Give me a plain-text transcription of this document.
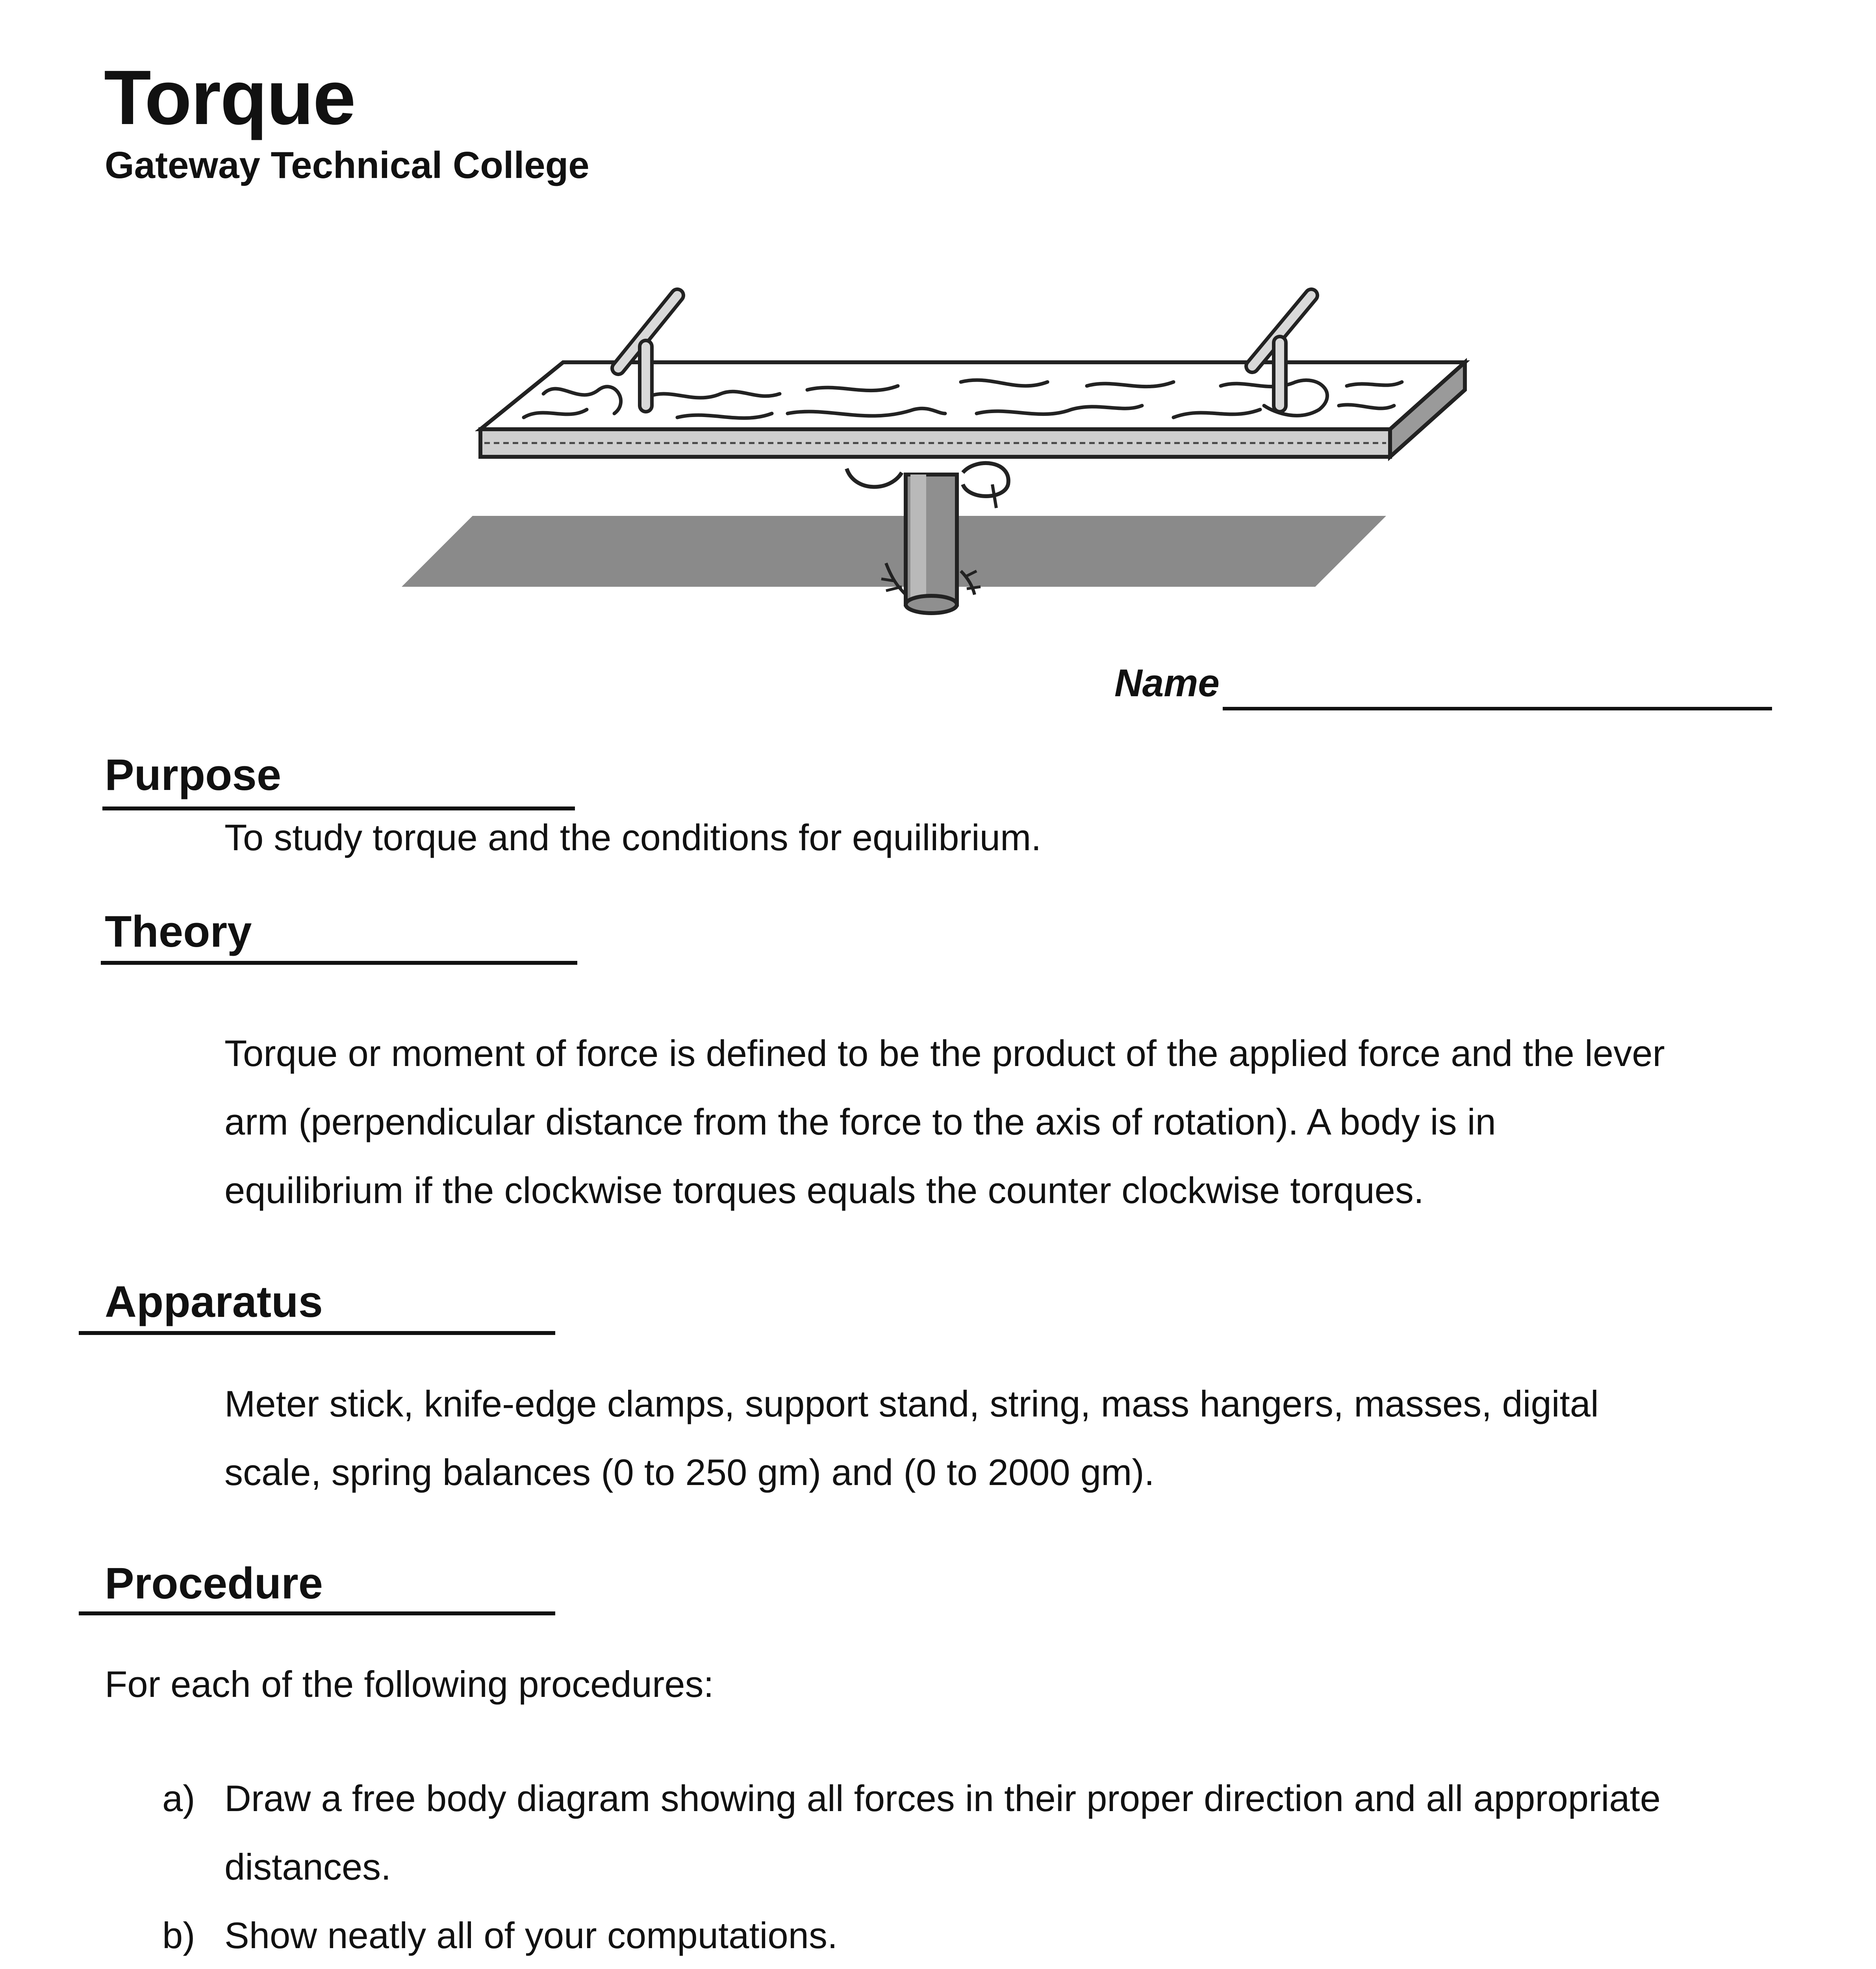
Torque
Gateway Technical College
Name
Purpose
To study torque and the conditions for equilibrium.
Theory
Torque or moment of force is defined to be the product of the applied force and the lever
arm (perpendicular distance from the force to the axis of rotation). A body is in
equilibrium if the clockwise torques equals the counter clockwise torques.
Apparatus
Meter stick, knife-edge clamps, support stand, string, mass hangers, masses, digital
scale, spring balances (0 to 250 gm) and (0 to 2000 gm).
Procedure
For each of the following procedures:
a) Draw a free body diagram showing all forces in their proper direction and all appropriate
distances.
b) Show neatly all of your computations.
